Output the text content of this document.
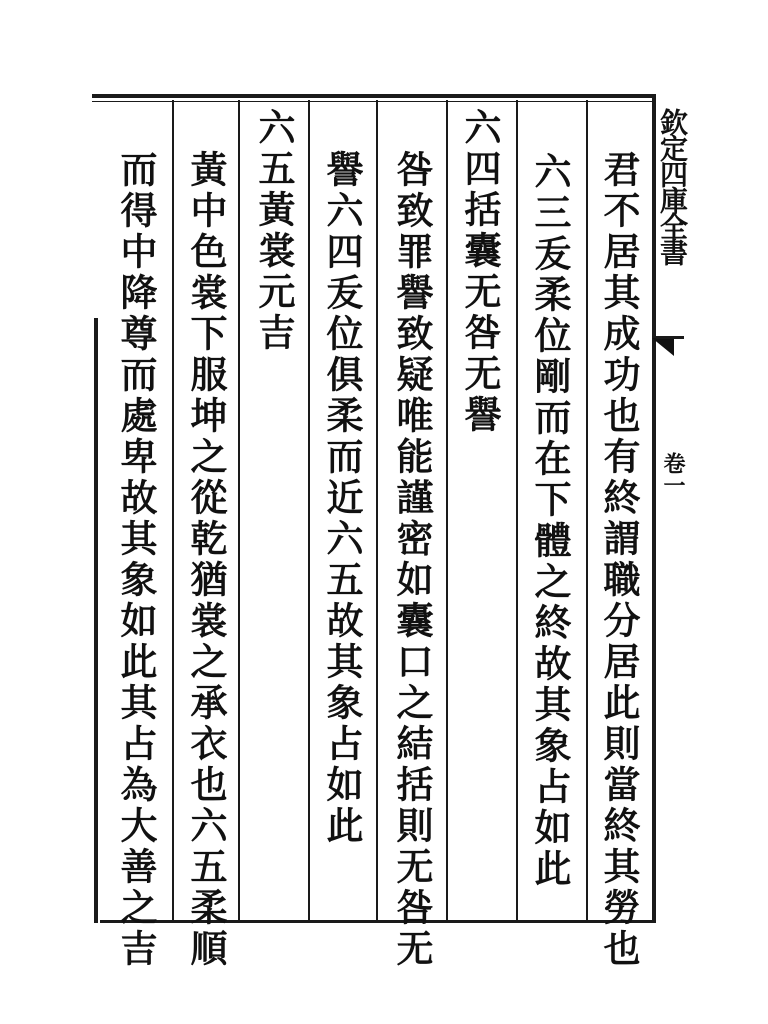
欽定四庫全書
卷一
君不居其成功也有終謂職分居此則當終其勞也
六三叐柔位剛而在下體之終故其象占如此
六四括囊无咎无譽
咎致罪譽致疑唯能謹密如囊口之結括則无咎无
譽六四叐位俱柔而近六五故其象占如此
六五黃裳元吉
黃中色裳下服坤之從乾猶裳之承衣也六五柔順
而得中降尊而處卑故其象如此其占為大善之吉
